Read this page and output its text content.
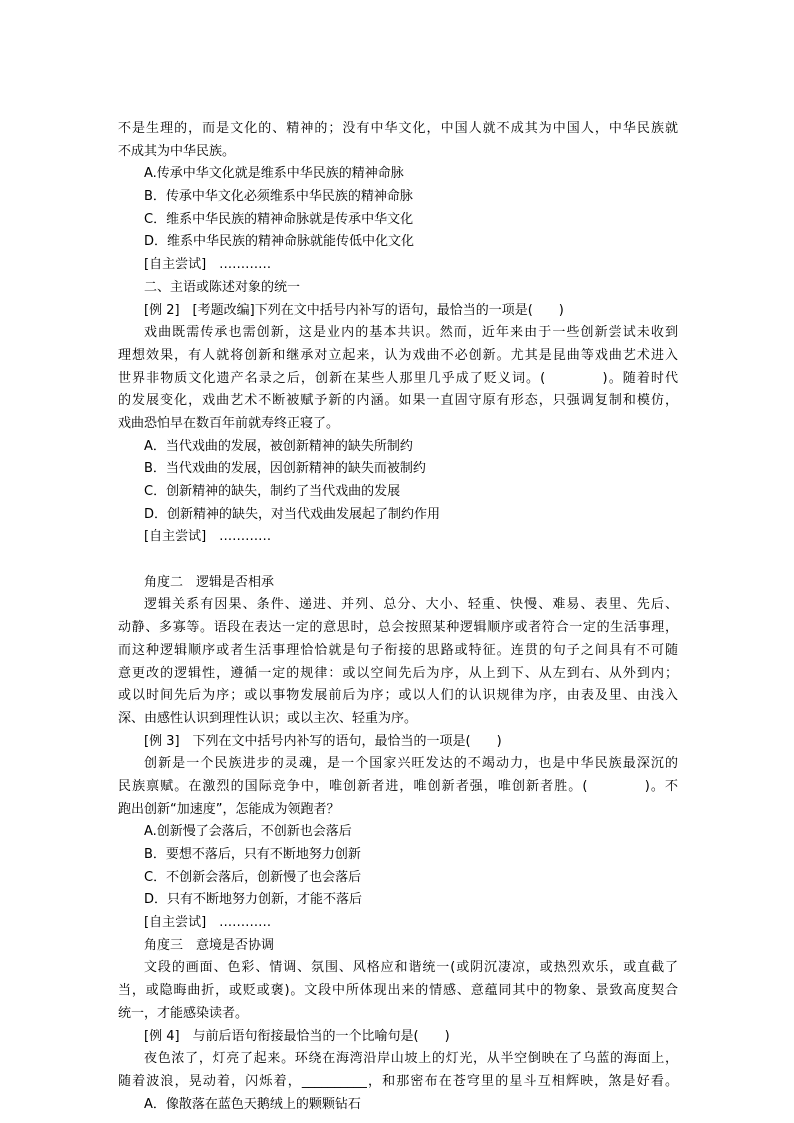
不是生理的，而是文化的、精神的；没有中华文化，中国人就不成其为中国人，中华民族就
不成其为中华民族。
A.传承中华文化就是维系中华民族的精神命脉
B．传承中华文化必须维系中华民族的精神命脉
C．维系中华民族的精神命脉就是传承中华文化
D．维系中华民族的精神命脉就能传低中化文化
[自主尝试]　…………
二、主语或陈述对象的统一
[例 2]　[考题改编]下列在文中括号内补写的语句，最恰当的一项是(　　)
戏曲既需传承也需创新，这是业内的基本共识。然而，近年来由于一些创新尝试未收到
理想效果，有人就将创新和继承对立起来，认为戏曲不必创新。尤其是昆曲等戏曲艺术进入
世界非物质文化遗产名录之后，创新在某些人那里几乎成了贬义词。(　　　　)。随着时代
的发展变化，戏曲艺术不断被赋予新的内涵。如果一直固守原有形态，只强调复制和模仿，
戏曲恐怕早在数百年前就寿终正寝了。
A．当代戏曲的发展，被创新精神的缺失所制约
B．当代戏曲的发展，因创新精神的缺失而被制约
C．创新精神的缺失，制约了当代戏曲的发展
D．创新精神的缺失，对当代戏曲发展起了制约作用
[自主尝试]　…………
角度二　逻辑是否相承
逻辑关系有因果、条件、递进、并列、总分、大小、轻重、快慢、难易、表里、先后、
动静、多寡等。语段在表达一定的意思时，总会按照某种逻辑顺序或者符合一定的生活事理，
而这种逻辑顺序或者生活事理恰恰就是句子衔接的思路或特征。连贯的句子之间具有不可随
意更改的逻辑性，遵循一定的规律：或以空间先后为序，从上到下、从左到右、从外到内；
或以时间先后为序；或以事物发展前后为序；或以人们的认识规律为序，由表及里、由浅入
深、由感性认识到理性认识；或以主次、轻重为序。
[例 3]　下列在文中括号内补写的语句，最恰当的一项是(　　)
创新是一个民族进步的灵魂，是一个国家兴旺发达的不竭动力，也是中华民族最深沉的
民族禀赋。在激烈的国际竞争中，唯创新者进，唯创新者强，唯创新者胜。(　　　　)。不
跑出创新“加速度”，怎能成为领跑者？
A.创新慢了会落后，不创新也会落后
B．要想不落后，只有不断地努力创新
C．不创新会落后，创新慢了也会落后
D．只有不断地努力创新，才能不落后
[自主尝试]　…………
角度三　意境是否协调
文段的画面、色彩、情调、氛围、风格应和谐统一(或阴沉凄凉，或热烈欢乐，或直截了
当，或隐晦曲折，或贬或褒)。文段中所体现出来的情感、意蕴同其中的物象、景致高度契合
统一，才能感染读者。
[例 4]　与前后语句衔接最恰当的一个比喻句是(　　)
夜色浓了，灯亮了起来。环绕在海湾沿岸山坡上的灯光，从半空倒映在了乌蓝的海面上，
随着波浪，晃动着，闪烁着，__________，和那密布在苍穹里的星斗互相辉映，煞是好看。
A．像散落在蓝色天鹅绒上的颗颗钻石
